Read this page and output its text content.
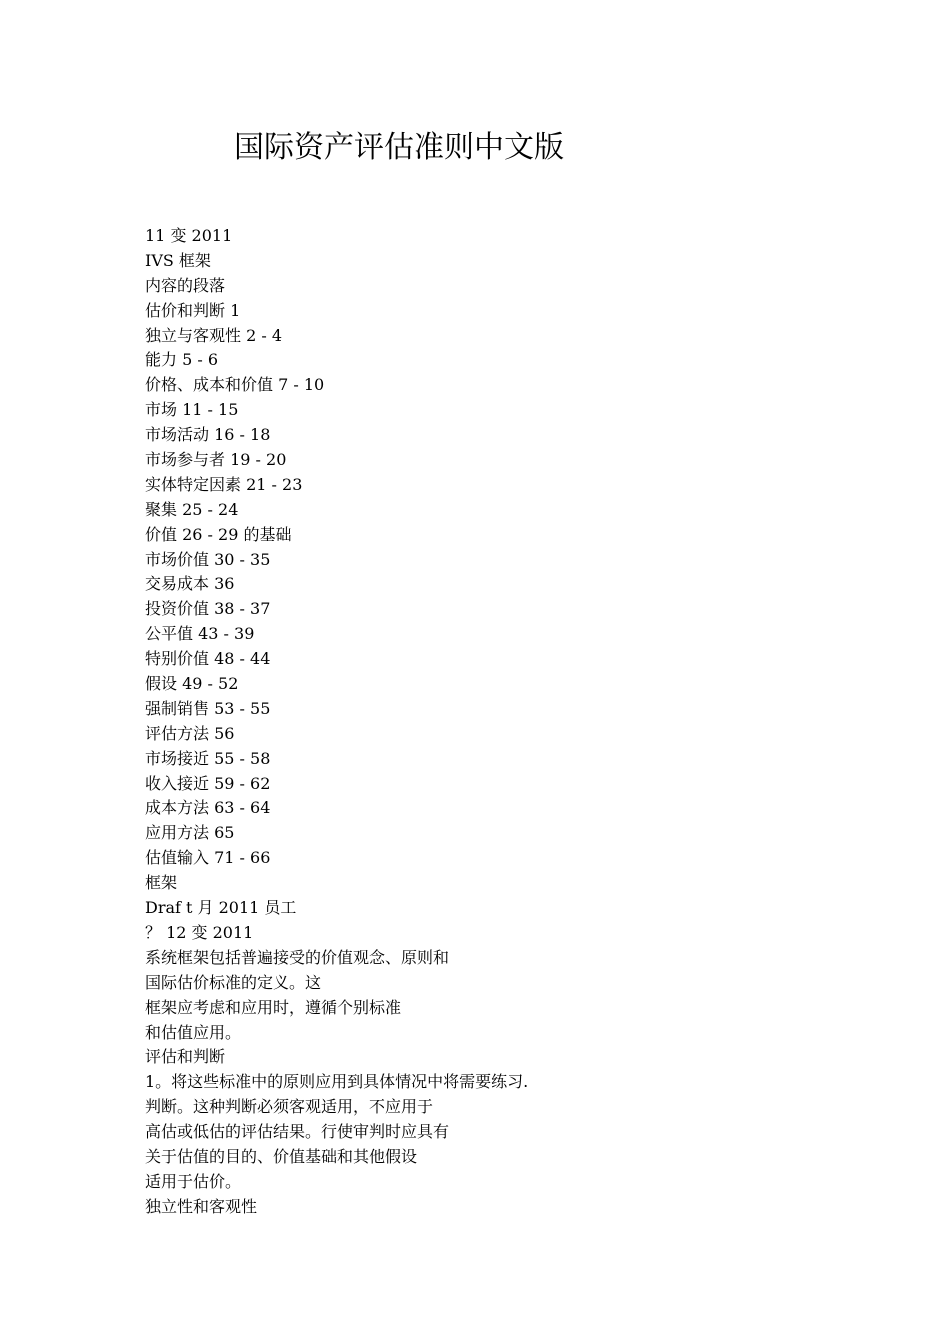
国际资产评估准则中文版
11 变 2011
IVS 框架
内容的段落
估价和判断 1
独立与客观性 2 - 4
能力 5 - 6
价格、成本和价值 7 - 10
市场 11 - 15
市场活动 16 - 18
市场参与者 19 - 20
实体特定因素 21 - 23
聚集 25 - 24
价值 26 - 29 的基础
市场价值 30 - 35
交易成本 36
投资价值 38 - 37
公平值 43 - 39
特别价值 48 - 44
假设 49 - 52
强制销售 53 - 55
评估方法 56
市场接近 55 - 58
收入接近 59 - 62
成本方法 63 - 64
应用方法 65
估值输入 71 - 66
框架
Draf t 月 2011 员工
？ 12 变 2011
系统框架包括普遍接受的价值观念、原则和
国际估价标准的定义。这
框架应考虑和应用时，遵循个别标准
和估值应用。
评估和判断
1。将这些标准中的原则应用到具体情况中将需要练习.
判断。这种判断必须客观适用，不应用于
高估或低估的评估结果。行使审判时应具有
关于估值的目的、价值基础和其他假设
适用于估价。
独立性和客观性
